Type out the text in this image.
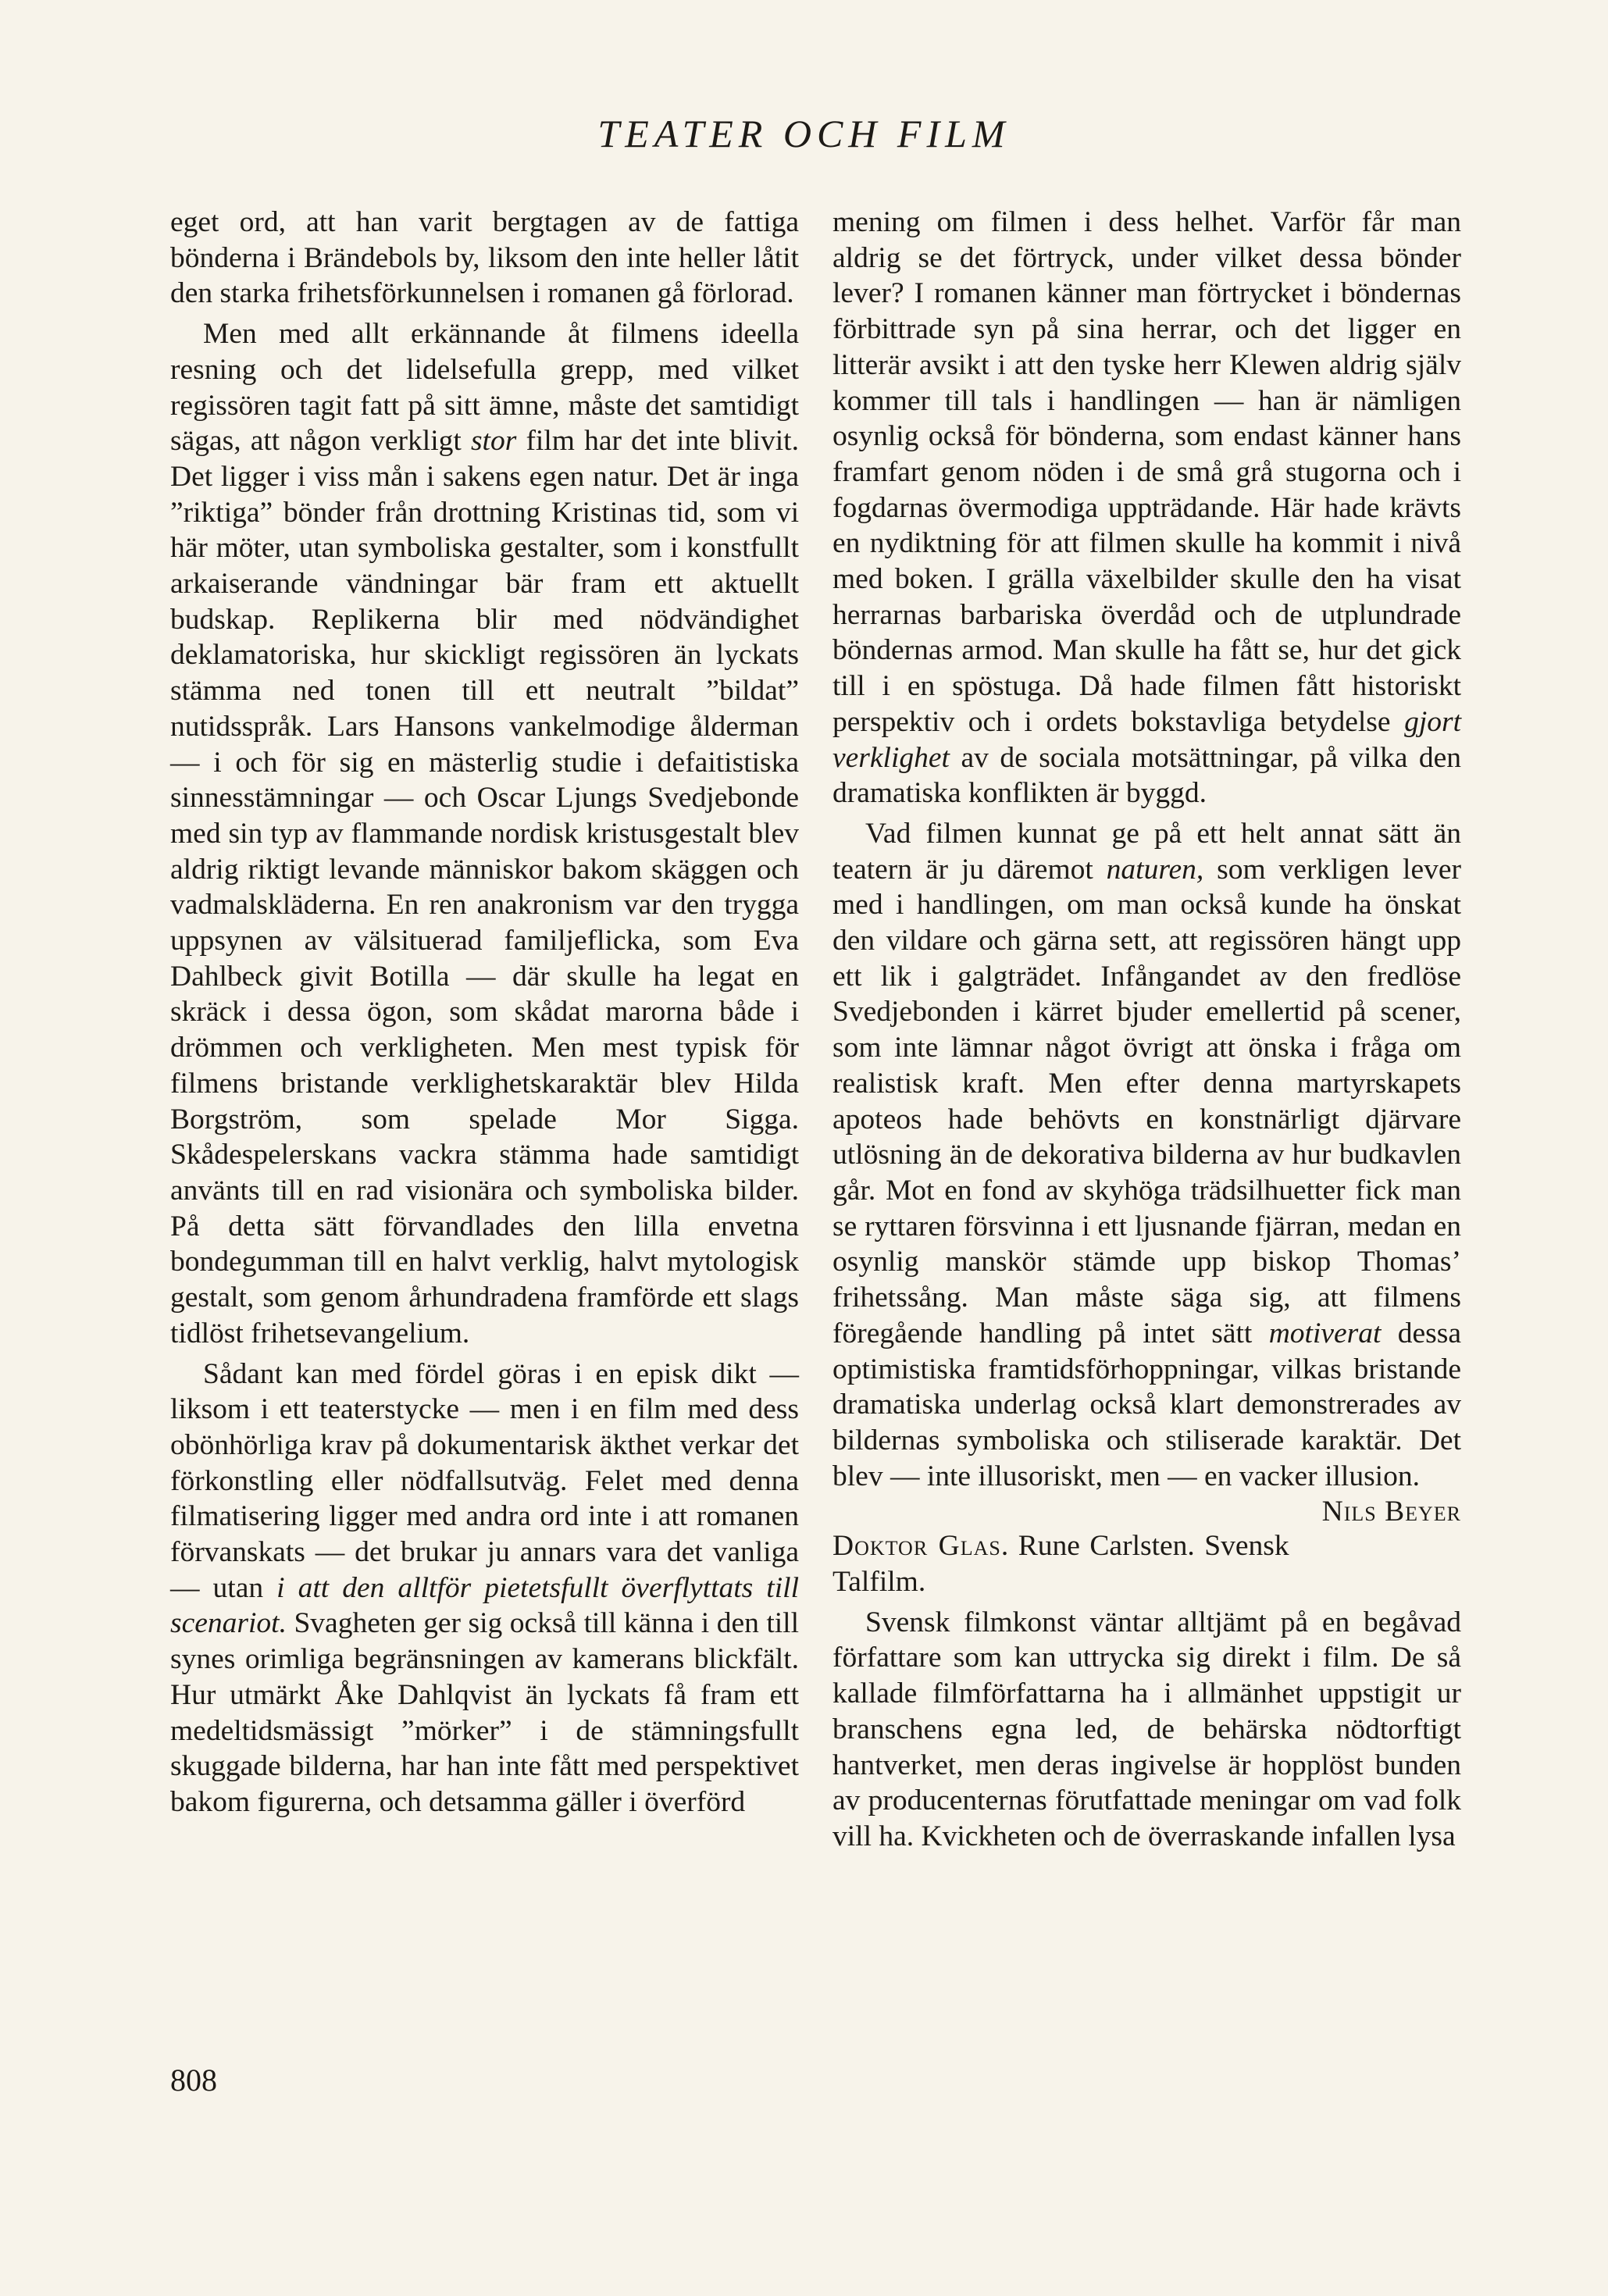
TEATER OCH FILM

eget ord, att han varit bergtagen av de fattiga bönderna i Brändebols by, liksom den inte heller låtit den starka frihetsförkunnelsen i romanen gå förlorad.

Men med allt erkännande åt filmens ideella resning och det lidelsefulla grepp, med vilket regissören tagit fatt på sitt ämne, måste det samtidigt sägas, att någon verkligt stor film har det inte blivit. Det ligger i viss mån i sakens egen natur. Det är inga ”riktiga” bönder från drottning Kristinas tid, som vi här möter, utan symboliska gestalter, som i konstfullt arkaiserande vändningar bär fram ett aktuellt budskap. Replikerna blir med nödvändighet deklamatoriska, hur skickligt regissören än lyckats stämma ned tonen till ett neutralt ”bildat” nutidsspråk. Lars Hansons vankelmodige ålderman — i och för sig en mästerlig studie i defaitistiska sinnesstämningar — och Oscar Ljungs Svedjebonde med sin typ av flammande nordisk kristusgestalt blev aldrig riktigt levande människor bakom skäggen och vadmalskläderna. En ren anakronism var den trygga uppsynen av välsituerad familjeflicka, som Eva Dahlbeck givit Botilla — där skulle ha legat en skräck i dessa ögon, som skådat marorna både i drömmen och verkligheten. Men mest typisk för filmens bristande verklighetskaraktär blev Hilda Borgström, som spelade Mor Sigga. Skådespelerskans vackra stämma hade samtidigt använts till en rad visionära och symboliska bilder. På detta sätt förvandlades den lilla envetna bondegumman till en halvt verklig, halvt mytologisk gestalt, som genom århundradena framförde ett slags tidlöst frihetsevangelium.

Sådant kan med fördel göras i en episk dikt — liksom i ett teaterstycke — men i en film med dess obönhörliga krav på dokumentarisk äkthet verkar det förkonstling eller nödfallsutväg. Felet med denna filmatisering ligger med andra ord inte i att romanen förvanskats — det brukar ju annars vara det vanliga — utan i att den alltför pietetsfullt överflyttats till scenariot. Svagheten ger sig också till känna i den till synes orimliga begränsningen av kamerans blickfält. Hur utmärkt Åke Dahlqvist än lyckats få fram ett medeltidsmässigt ”mörker” i de stämningsfullt skuggade bilderna, har han inte fått med perspektivet bakom figurerna, och detsamma gäller i överförd

mening om filmen i dess helhet. Varför får man aldrig se det förtryck, under vilket dessa bönder lever? I romanen känner man förtrycket i böndernas förbittrade syn på sina herrar, och det ligger en litterär avsikt i att den tyske herr Klewen aldrig själv kommer till tals i handlingen — han är nämligen osynlig också för bönderna, som endast känner hans framfart genom nöden i de små grå stugorna och i fogdarnas övermodiga uppträdande. Här hade krävts en nydiktning för att filmen skulle ha kommit i nivå med boken. I grälla växelbilder skulle den ha visat herrarnas barbariska överdåd och de utplundrade böndernas armod. Man skulle ha fått se, hur det gick till i en spöstuga. Då hade filmen fått historiskt perspektiv och i ordets bokstavliga betydelse gjort verklighet av de sociala motsättningar, på vilka den dramatiska konflikten är byggd.

Vad filmen kunnat ge på ett helt annat sätt än teatern är ju däremot naturen, som verkligen lever med i handlingen, om man också kunde ha önskat den vildare och gärna sett, att regissören hängt upp ett lik i galgträdet. Infångandet av den fredlöse Svedjebonden i kärret bjuder emellertid på scener, som inte lämnar något övrigt att önska i fråga om realistisk kraft. Men efter denna martyrskapets apoteos hade behövts en konstnärligt djärvare utlösning än de dekorativa bilderna av hur budkavlen går. Mot en fond av skyhöga trädsilhuetter fick man se ryttaren försvinna i ett ljusnande fjärran, medan en osynlig manskör stämde upp biskop Thomas’ frihetssång. Man måste säga sig, att filmens föregående handling på intet sätt motiverat dessa optimistiska framtidsförhoppningar, vilkas bristande dramatiska underlag också klart demonstrerades av bildernas symboliska och stiliserade karaktär. Det blev — inte illusoriskt, men — en vacker illusion.
Nils Beyer

Doktor Glas. Rune Carlsten. Svensk Talfilm.

Svensk filmkonst väntar alltjämt på en begåvad författare som kan uttrycka sig direkt i film. De så kallade filmförfattarna ha i allmänhet uppstigit ur branschens egna led, de behärska nödtorftigt hantverket, men deras ingivelse är hopplöst bunden av producenternas förutfattade meningar om vad folk vill ha. Kvickheten och de överraskande infallen lysa

808
